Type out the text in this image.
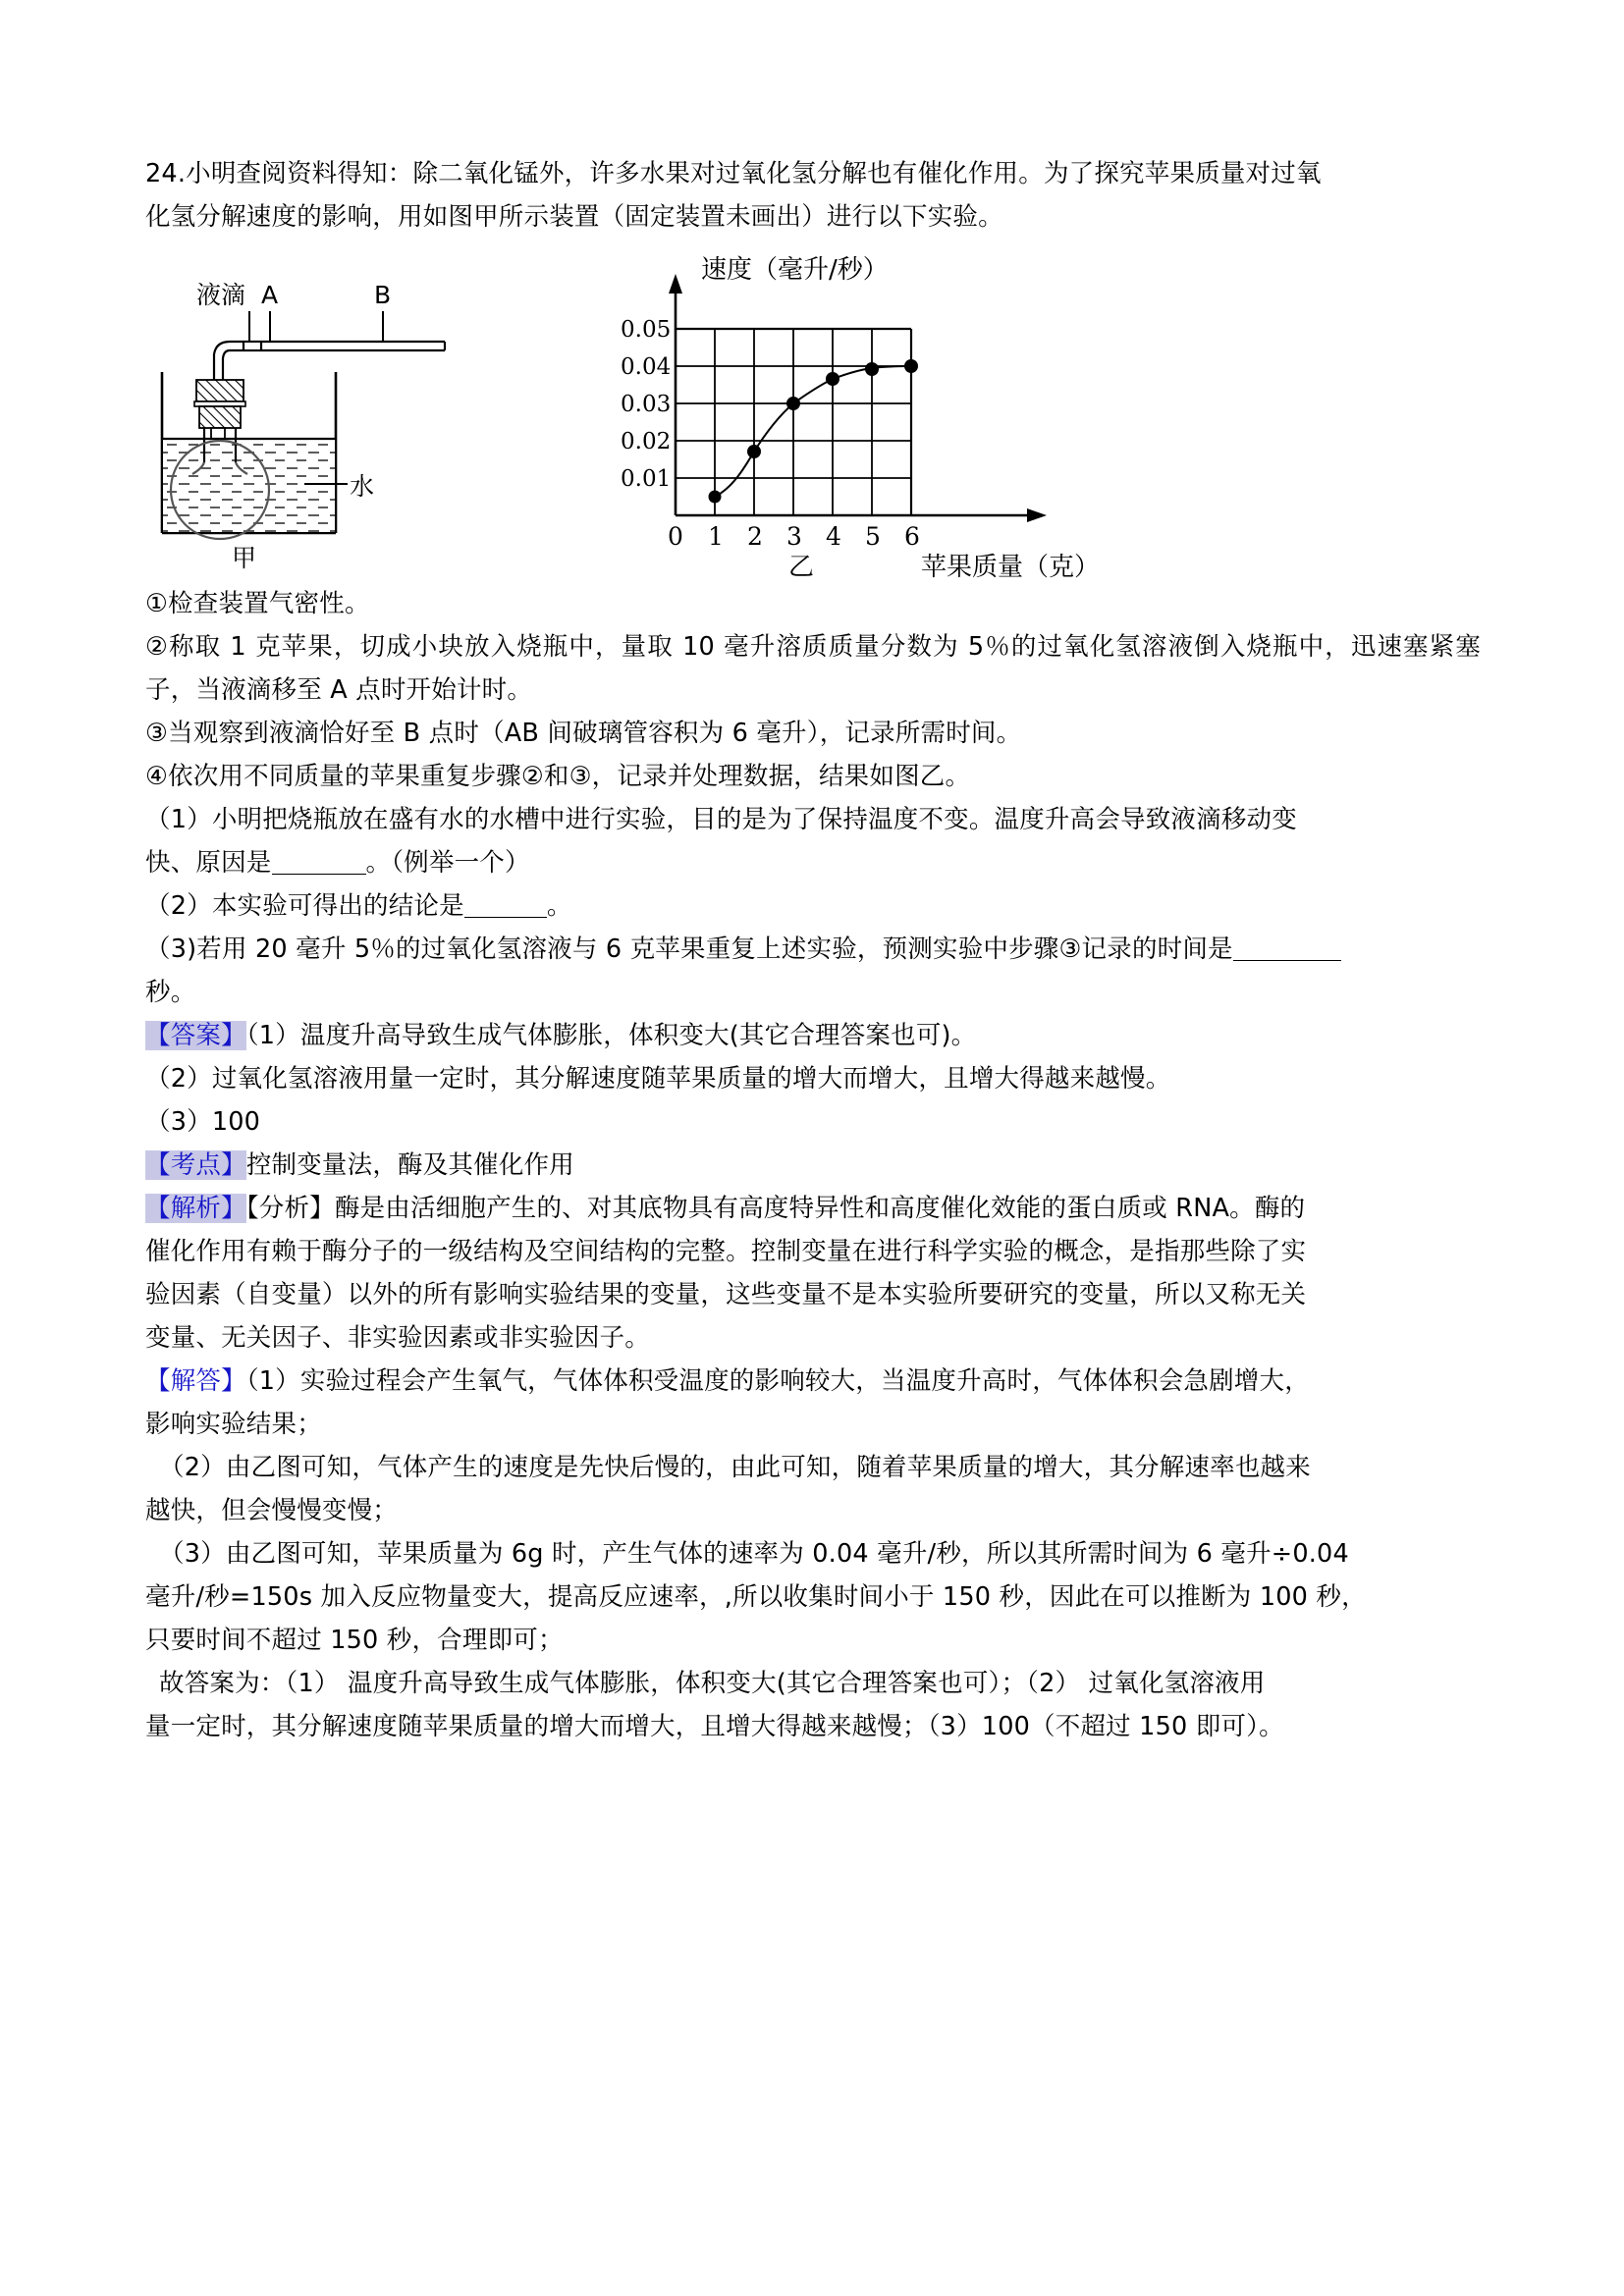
24.小明查阅资料得知：除二氧化锰外，许多水果对过氧化氢分解也有催化作用。为了探究苹果质量对过氧

化氢分解速度的影响，用如图甲所示装置（固定装置未画出）进行以下实验。

液滴 A	B
水
甲
速度（毫升/秒）
0.05
0.04
0.03
0.02
0.01
0 1 2 3 4 5 6
乙	苹果质量（克）

①检查装置气密性。

②称取 1 克苹果，切成小块放入烧瓶中，量取 10 毫升溶质质量分数为 5％的过氧化氢溶液倒入烧瓶中，迅速塞紧塞子，当液滴移至 A 点时开始计时。

③当观察到液滴恰好至 B 点时（AB 间破璃管容积为 6 毫升），记录所需时间。

④依次用不同质量的苹果重复步骤②和③，记录并处理数据，结果如图乙。

（1）小明把烧瓶放在盛有水的水槽中进行实验，目的是为了保持温度不变。温度升高会导致液滴移动变

快、原因是	。（例举一个）

（2）本实验可得出的结论是	。

（3)若用 20 毫升 5％的过氧化氢溶液与 6 克苹果重复上述实验，预测实验中步骤③记录的时间是

秒。

【答案】（1）温度升高导致生成气体膨胀，体积变大(其它合理答案也可)。

（2）过氧化氢溶液用量一定时，其分解速度随苹果质量的增大而增大，且增大得越来越慢。

（3）100

【考点】控制变量法，酶及其催化作用

【解析】【分析】酶是由活细胞产生的、对其底物具有高度特异性和高度催化效能的蛋白质或 RNA。酶的

催化作用有赖于酶分子的一级结构及空间结构的完整。控制变量在进行科学实验的概念，是指那些除了实

验因素（自变量）以外的所有影响实验结果的变量，这些变量不是本实验所要研究的变量，所以又称无关

变量、无关因子、非实验因素或非实验因子。

【解答】（1）实验过程会产生氧气，气体体积受温度的影响较大，当温度升高时，气体体积会急剧增大，

影响实验结果；

（2）由乙图可知，气体产生的速度是先快后慢的，由此可知，随着苹果质量的增大，其分解速率也越来

越快，但会慢慢变慢；

（3）由乙图可知，苹果质量为 6g 时，产生气体的速率为 0.04 毫升/秒，所以其所需时间为 6 毫升÷0.04

毫升/秒=150s 加入反应物量变大，提高反应速率，,所以收集时间小于 150 秒，因此在可以推断为 100 秒，

只要时间不超过 150 秒，合理即可；

故答案为：（1） 温度升高导致生成气体膨胀，体积变大(其它合理答案也可）；（2） 过氧化氢溶液用

量一定时，其分解速度随苹果质量的增大而增大，且增大得越来越慢；（3）100（不超过 150 即可）。
